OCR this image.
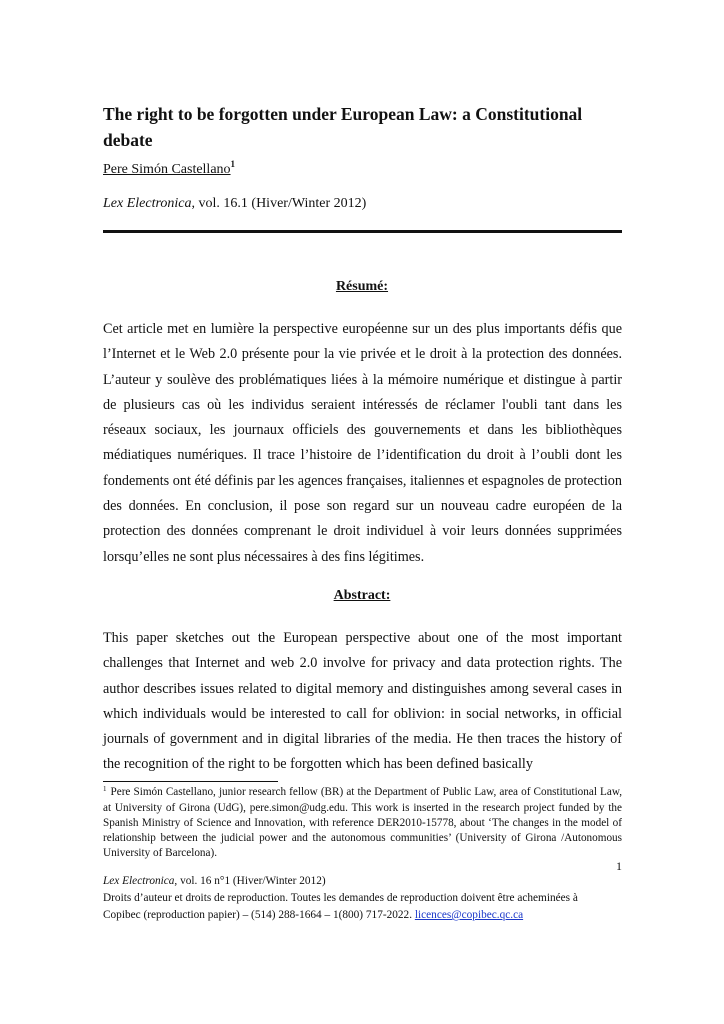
The right to be forgotten under European Law: a Constitutional debate
Pere Simón Castellano$^1$
Lex Electronica, vol. 16.1 (Hiver/Winter 2012)
Résumé:

Cet article met en lumière la perspective européenne sur un des plus importants défis que l’Internet et le Web 2.0 présente pour la vie privée et le droit à la protection des données. L’auteur y soulève des problématiques liées à la mémoire numérique et distingue à partir de plusieurs cas où les individus seraient intéressés de réclamer l'oubli tant dans les réseaux sociaux, les journaux officiels des gouvernements et dans les bibliothèques médiatiques numériques. Il trace l’histoire de l’identification du droit à l’oubli dont les fondements ont été définis par les agences françaises, italiennes et espagnoles de protection des données. En conclusion, il pose son regard sur un nouveau cadre européen de la protection des données comprenant le droit individuel à voir leurs données supprimées lorsqu’elles ne sont plus nécessaires à des fins légitimes.

Abstract:

This paper sketches out the European perspective about one of the most important challenges that Internet and web 2.0 involve for privacy and data protection rights. The author describes issues related to digital memory and distinguishes among several cases in which individuals would be interested to call for oblivion: in social networks, in official journals of government and in digital libraries of the media. He then traces the history of the recognition of the right to be forgotten which has been defined basically

$^1$ Pere Simón Castellano, junior research fellow (BR) at the Department of Public Law, area of Constitutional Law, at University of Girona (UdG), pere.simon@udg.edu. This work is inserted in the research project funded by the Spanish Ministry of Science and Innovation, with reference DER2010-15778, about ‘The changes in the model of relationship between the judicial power and the autonomous communities’ (University of Girona /Autonomous University of Barcelona).

1
Lex Electronica, vol. 16 n°1 (Hiver/Winter 2012)
Droits d’auteur et droits de reproduction. Toutes les demandes de reproduction doivent être acheminées à
Copibec (reproduction papier) – (514) 288-1664 – 1(800) 717-2022. licences@copibec.qc.ca
